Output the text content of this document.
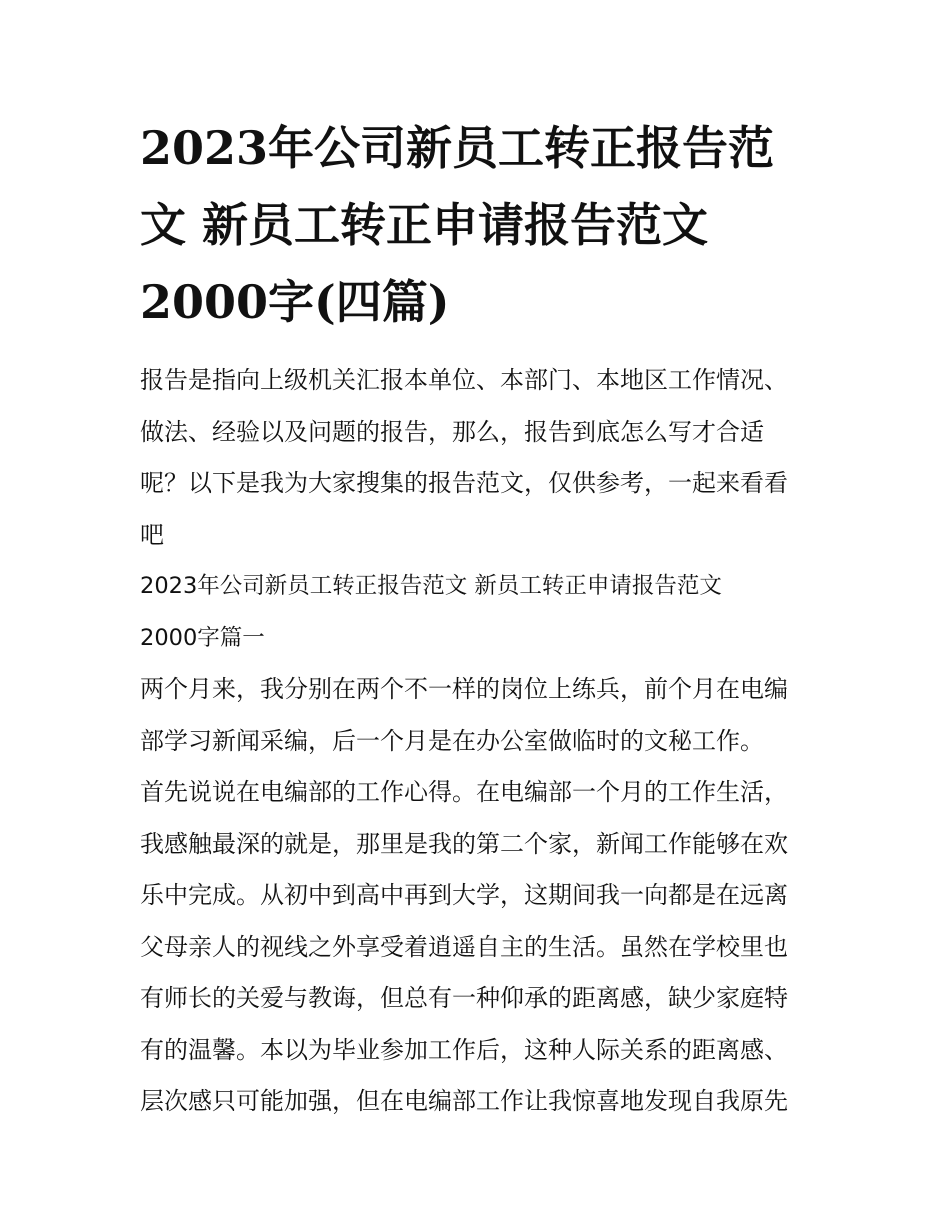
2023年公司新员工转正报告范
文 新员工转正申请报告范文
2000字(四篇)
报告是指向上级机关汇报本单位、本部门、本地区工作情况、
做法、经验以及问题的报告，那么，报告到底怎么写才合适
呢？以下是我为大家搜集的报告范文，仅供参考，一起来看看
吧
2023年公司新员工转正报告范文 新员工转正申请报告范文
2000字篇一
两个月来，我分别在两个不一样的岗位上练兵，前个月在电编
部学习新闻采编，后一个月是在办公室做临时的文秘工作。
首先说说在电编部的工作心得。在电编部一个月的工作生活，
我感触最深的就是，那里是我的第二个家，新闻工作能够在欢
乐中完成。从初中到高中再到大学，这期间我一向都是在远离
父母亲人的视线之外享受着逍遥自主的生活。虽然在学校里也
有师长的关爱与教诲，但总有一种仰承的距离感，缺少家庭特
有的温馨。本以为毕业参加工作后，这种人际关系的距离感、
层次感只可能加强，但在电编部工作让我惊喜地发现自我原先
